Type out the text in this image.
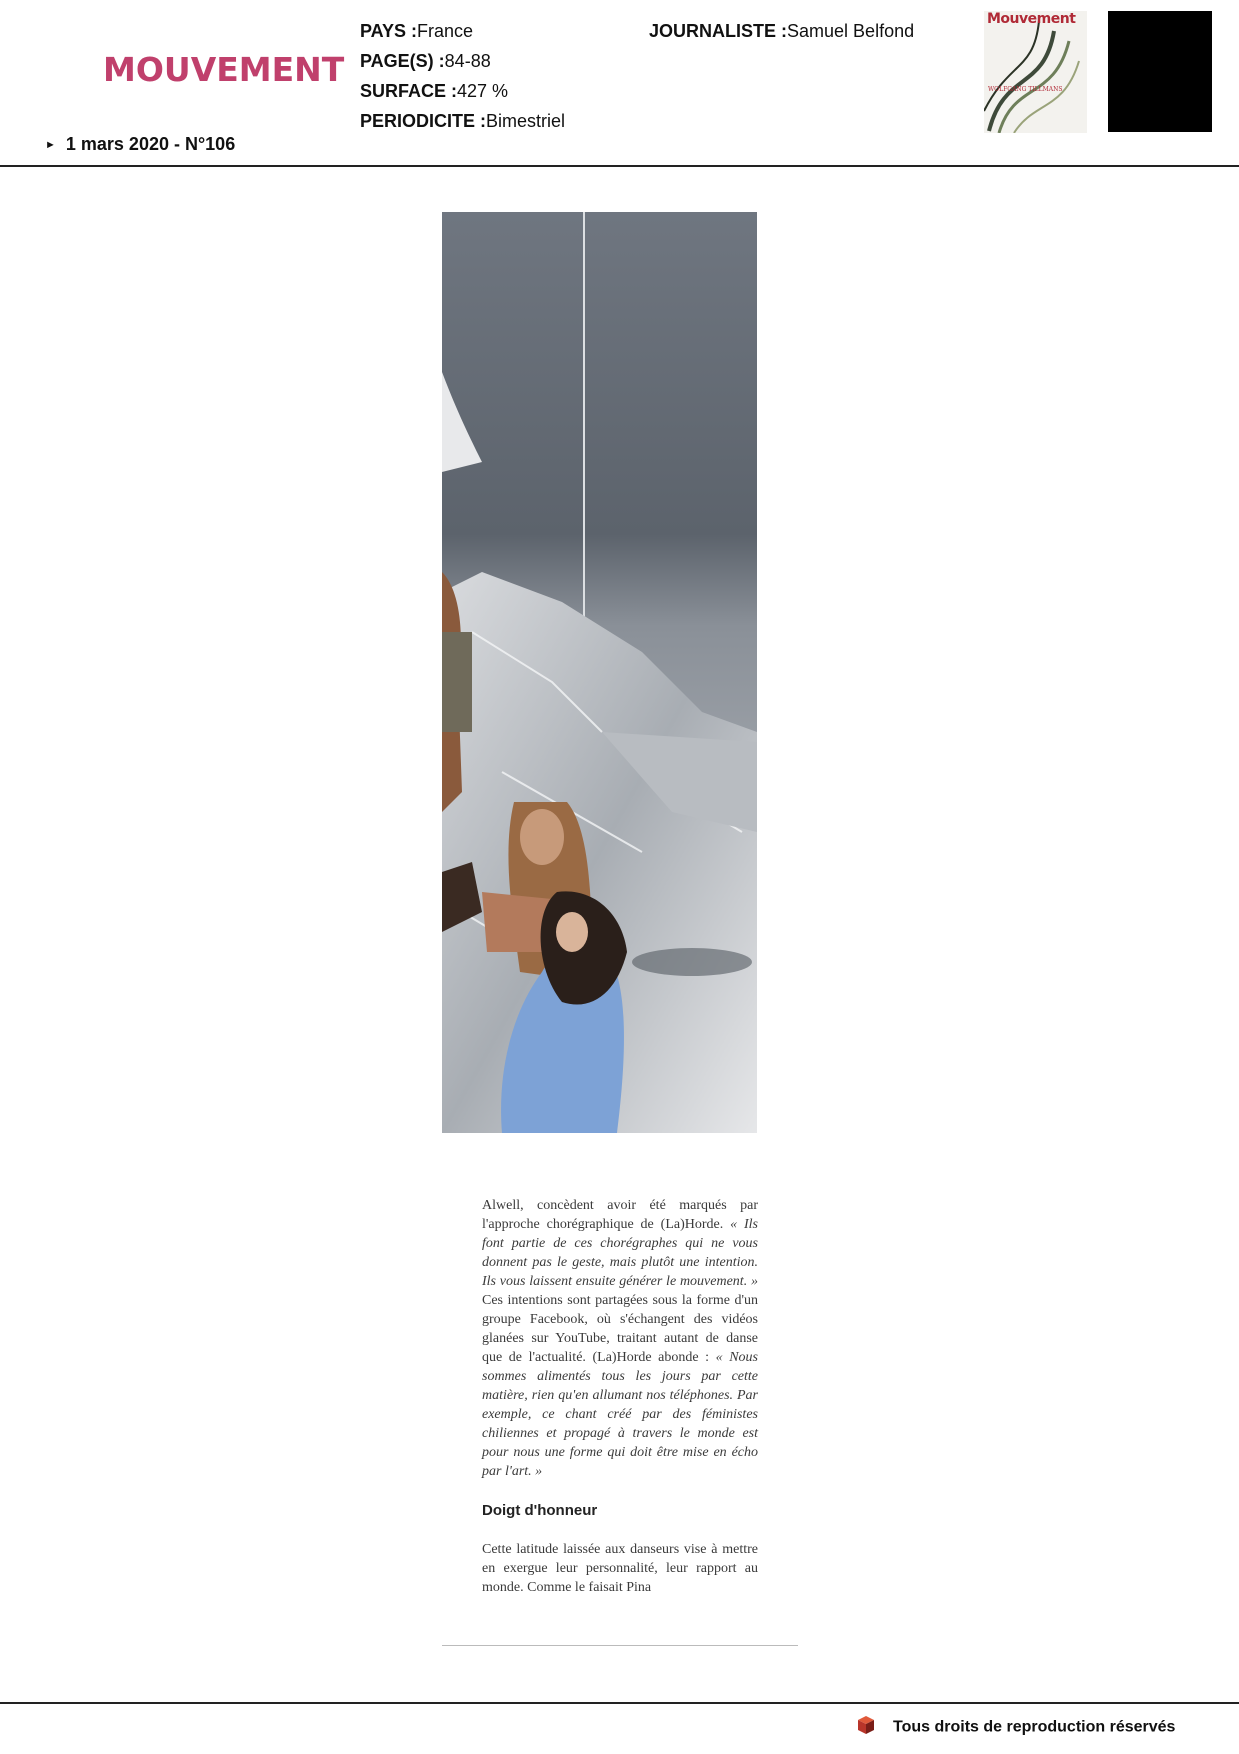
MOUVEMENT
► 1 mars 2020 - N°106
PAYS :France
PAGE(S) :84-88
SURFACE :427 %
PERIODICITE :Bimestriel
JOURNALISTE :Samuel Belfond
WOLFGANG TILLMANS
Mouvement

Alwell, concèdent avoir été marqués par l'approche chorégraphique de (La)Horde. « Ils font partie de ces chorégraphes qui ne vous donnent pas le geste, mais plutôt une intention. Ils vous laissent ensuite générer le mouvement. » Ces intentions sont partagées sous la forme d'un groupe Facebook, où s'échangent des vidéos glanées sur YouTube, traitant autant de danse que de l'actualité. (La)Horde abonde : « Nous sommes alimentés tous les jours par cette matière, rien qu'en allumant nos téléphones. Par exemple, ce chant créé par des féministes chiliennes et propagé à travers le monde est pour nous une forme qui doit être mise en écho par l'art. »

Doigt d'honneur

Cette latitude laissée aux danseurs vise à mettre en exergue leur personnalité, leur rapport au monde. Comme le faisait Pina

Tous droits de reproduction réservés
